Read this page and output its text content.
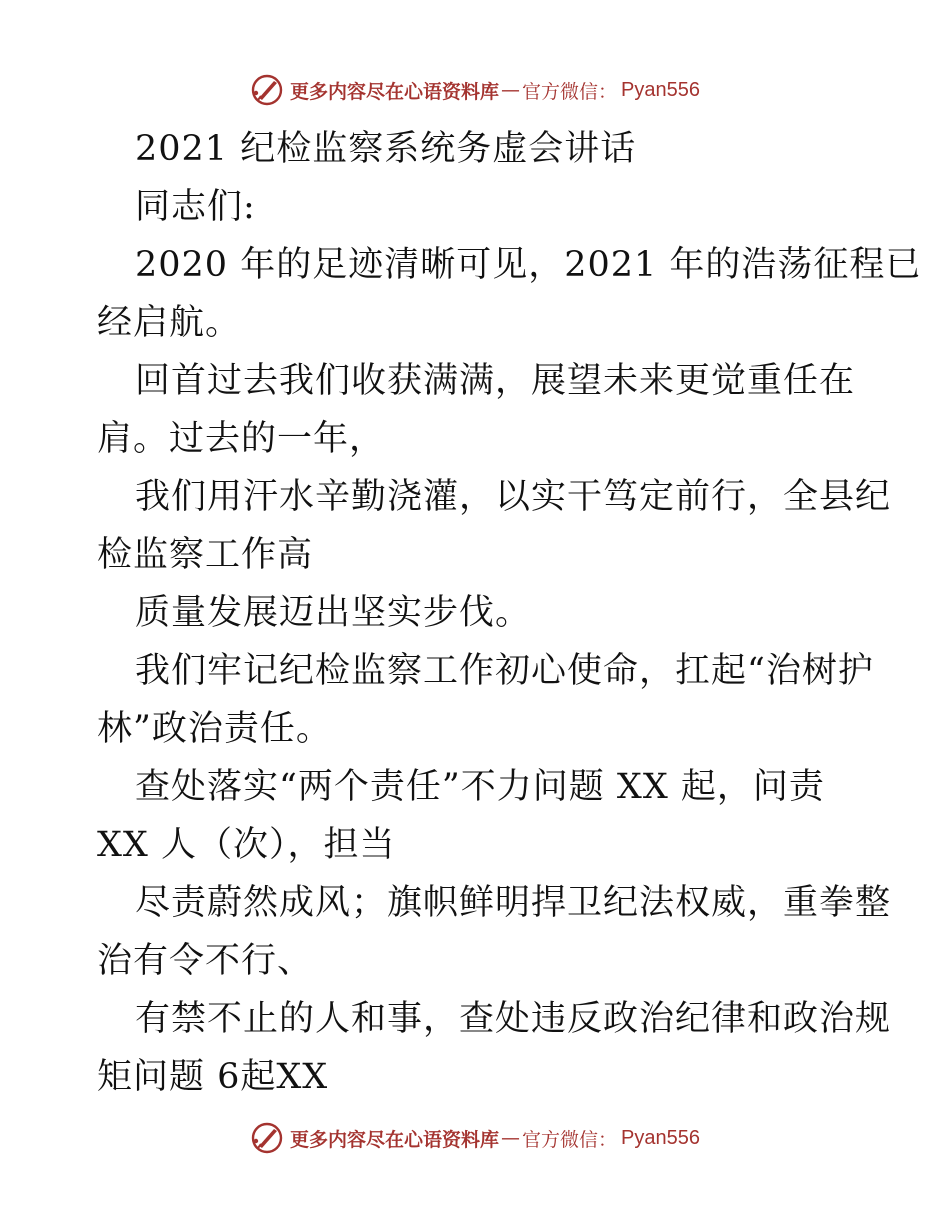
更多内容尽在心语资料库 — 官方微信： Pyan556
2021 纪检监察系统务虚会讲话
同志们:
2020 年的足迹清晰可见，2021 年的浩荡征程已
经启航。
回首过去我们收获满满，展望未来更觉重任在
肩。过去的一年，
我们用汗水辛勤浇灌，以实干笃定前行，全县纪
检监察工作高
质量发展迈出坚实步伐。
我们牢记纪检监察工作初心使命，扛起“治树护
林”政治责任。
查处落实“两个责任”不力问题 XX 起，问责
XX 人（次），担当
尽责蔚然成风；旗帜鲜明捍卫纪法权威，重拳整
治有令不行、
有禁不止的人和事，查处违反政治纪律和政治规
矩问题 6起XX
更多内容尽在心语资料库 — 官方微信： Pyan556
